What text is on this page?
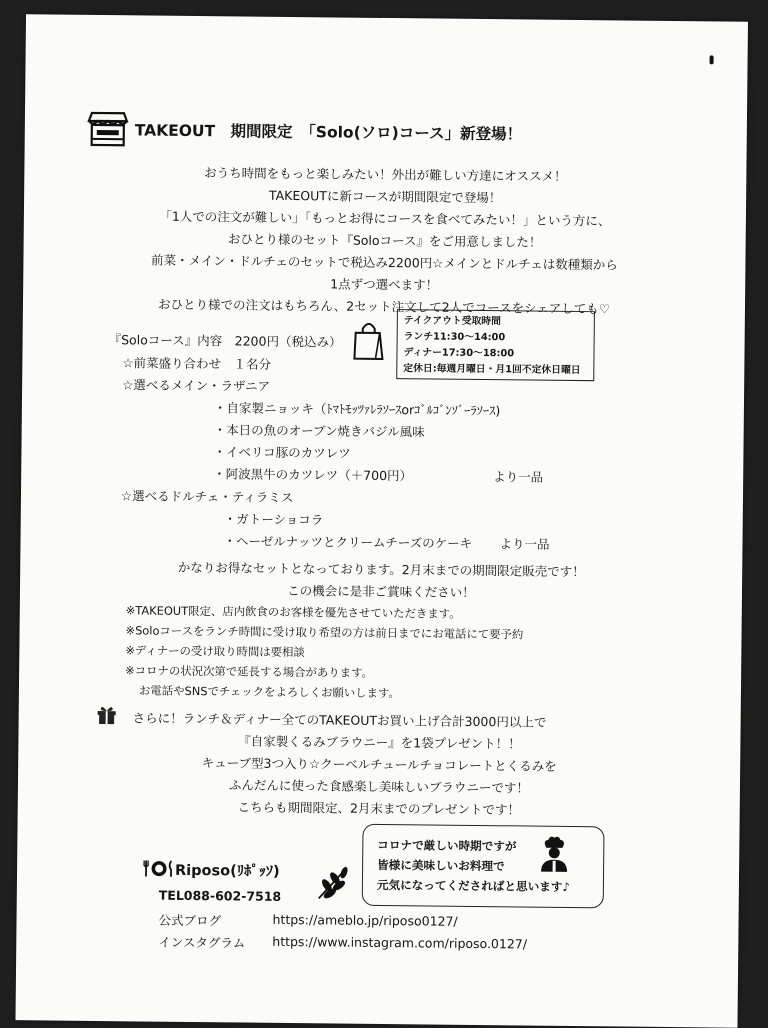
TAKEOUT　期間限定　「Solo(ソロ)コース」新登場！
おうち時間をもっと楽しみたい！外出が難しい方達にオススメ！
TAKEOUTに新コースが期間限定で登場！
「1人での注文が難しい」「もっとお得にコースを食べてみたい！」という方に、
おひとり様のセット『Soloコース』をご用意しました！
前菜・メイン・ドルチェのセットで税込み2200円☆メインとドルチェは数種類から
1点ずつ選べます！
おひとり様での注文はもちろん、2セット注文して2人でコースをシェアしても♡
『Soloコース』内容　2200円（税込み）
テイクアウト受取時間
ランチ11:30～14:00
ディナー17:30～18:00
定休日:毎週月曜日・月1回不定休日曜日
☆前菜盛り合わせ　１名分
☆選べるメイン・ラザニア
・自家製ニョッキ（ﾄﾏﾄﾓｯﾂｧﾚﾗｿｰｽorｺﾞﾙｺﾞﾝｿﾞｰﾗｿｰｽ)
・本日の魚のオーブン焼きバジル風味
・イベリコ豚のカツレツ
・阿波黒牛のカツレツ（＋700円）	より一品
☆選べるドルチェ・ティラミス
・ガトーショコラ
・ヘーゼルナッツとクリームチーズのケーキ より一品
かなりお得なセットとなっております。2月末までの期間限定販売です！
この機会に是非ご賞味ください！
※TAKEOUT限定、店内飲食のお客様を優先させていただきます。
※Soloコースをランチ時間に受け取り希望の方は前日までにお電話にて要予約
※ディナーの受け取り時間は要相談
※コロナの状況次第で延長する場合があります。
お電話やSNSでチェックをよろしくお願いします。
さらに！ランチ＆ディナー全てのTAKEOUTお買い上げ合計3000円以上で
『自家製くるみブラウニー』を1袋プレゼント！！
キューブ型3つ入り☆クーベルチュールチョコレートとくるみを
ふんだんに使った食感楽し美味しいブラウニーです！
こちらも期間限定、2月末までのプレゼントです！
Riposo(ﾘﾎﾟｯｿ)
TEL088-602-7518
公式ブログ	https://ameblo.jp/riposo0127/
インスタグラム https://www.instagram.com/riposo.0127/
コロナで厳しい時期ですが
皆様に美味しいお料理で
元気になってくださればと思います♪
